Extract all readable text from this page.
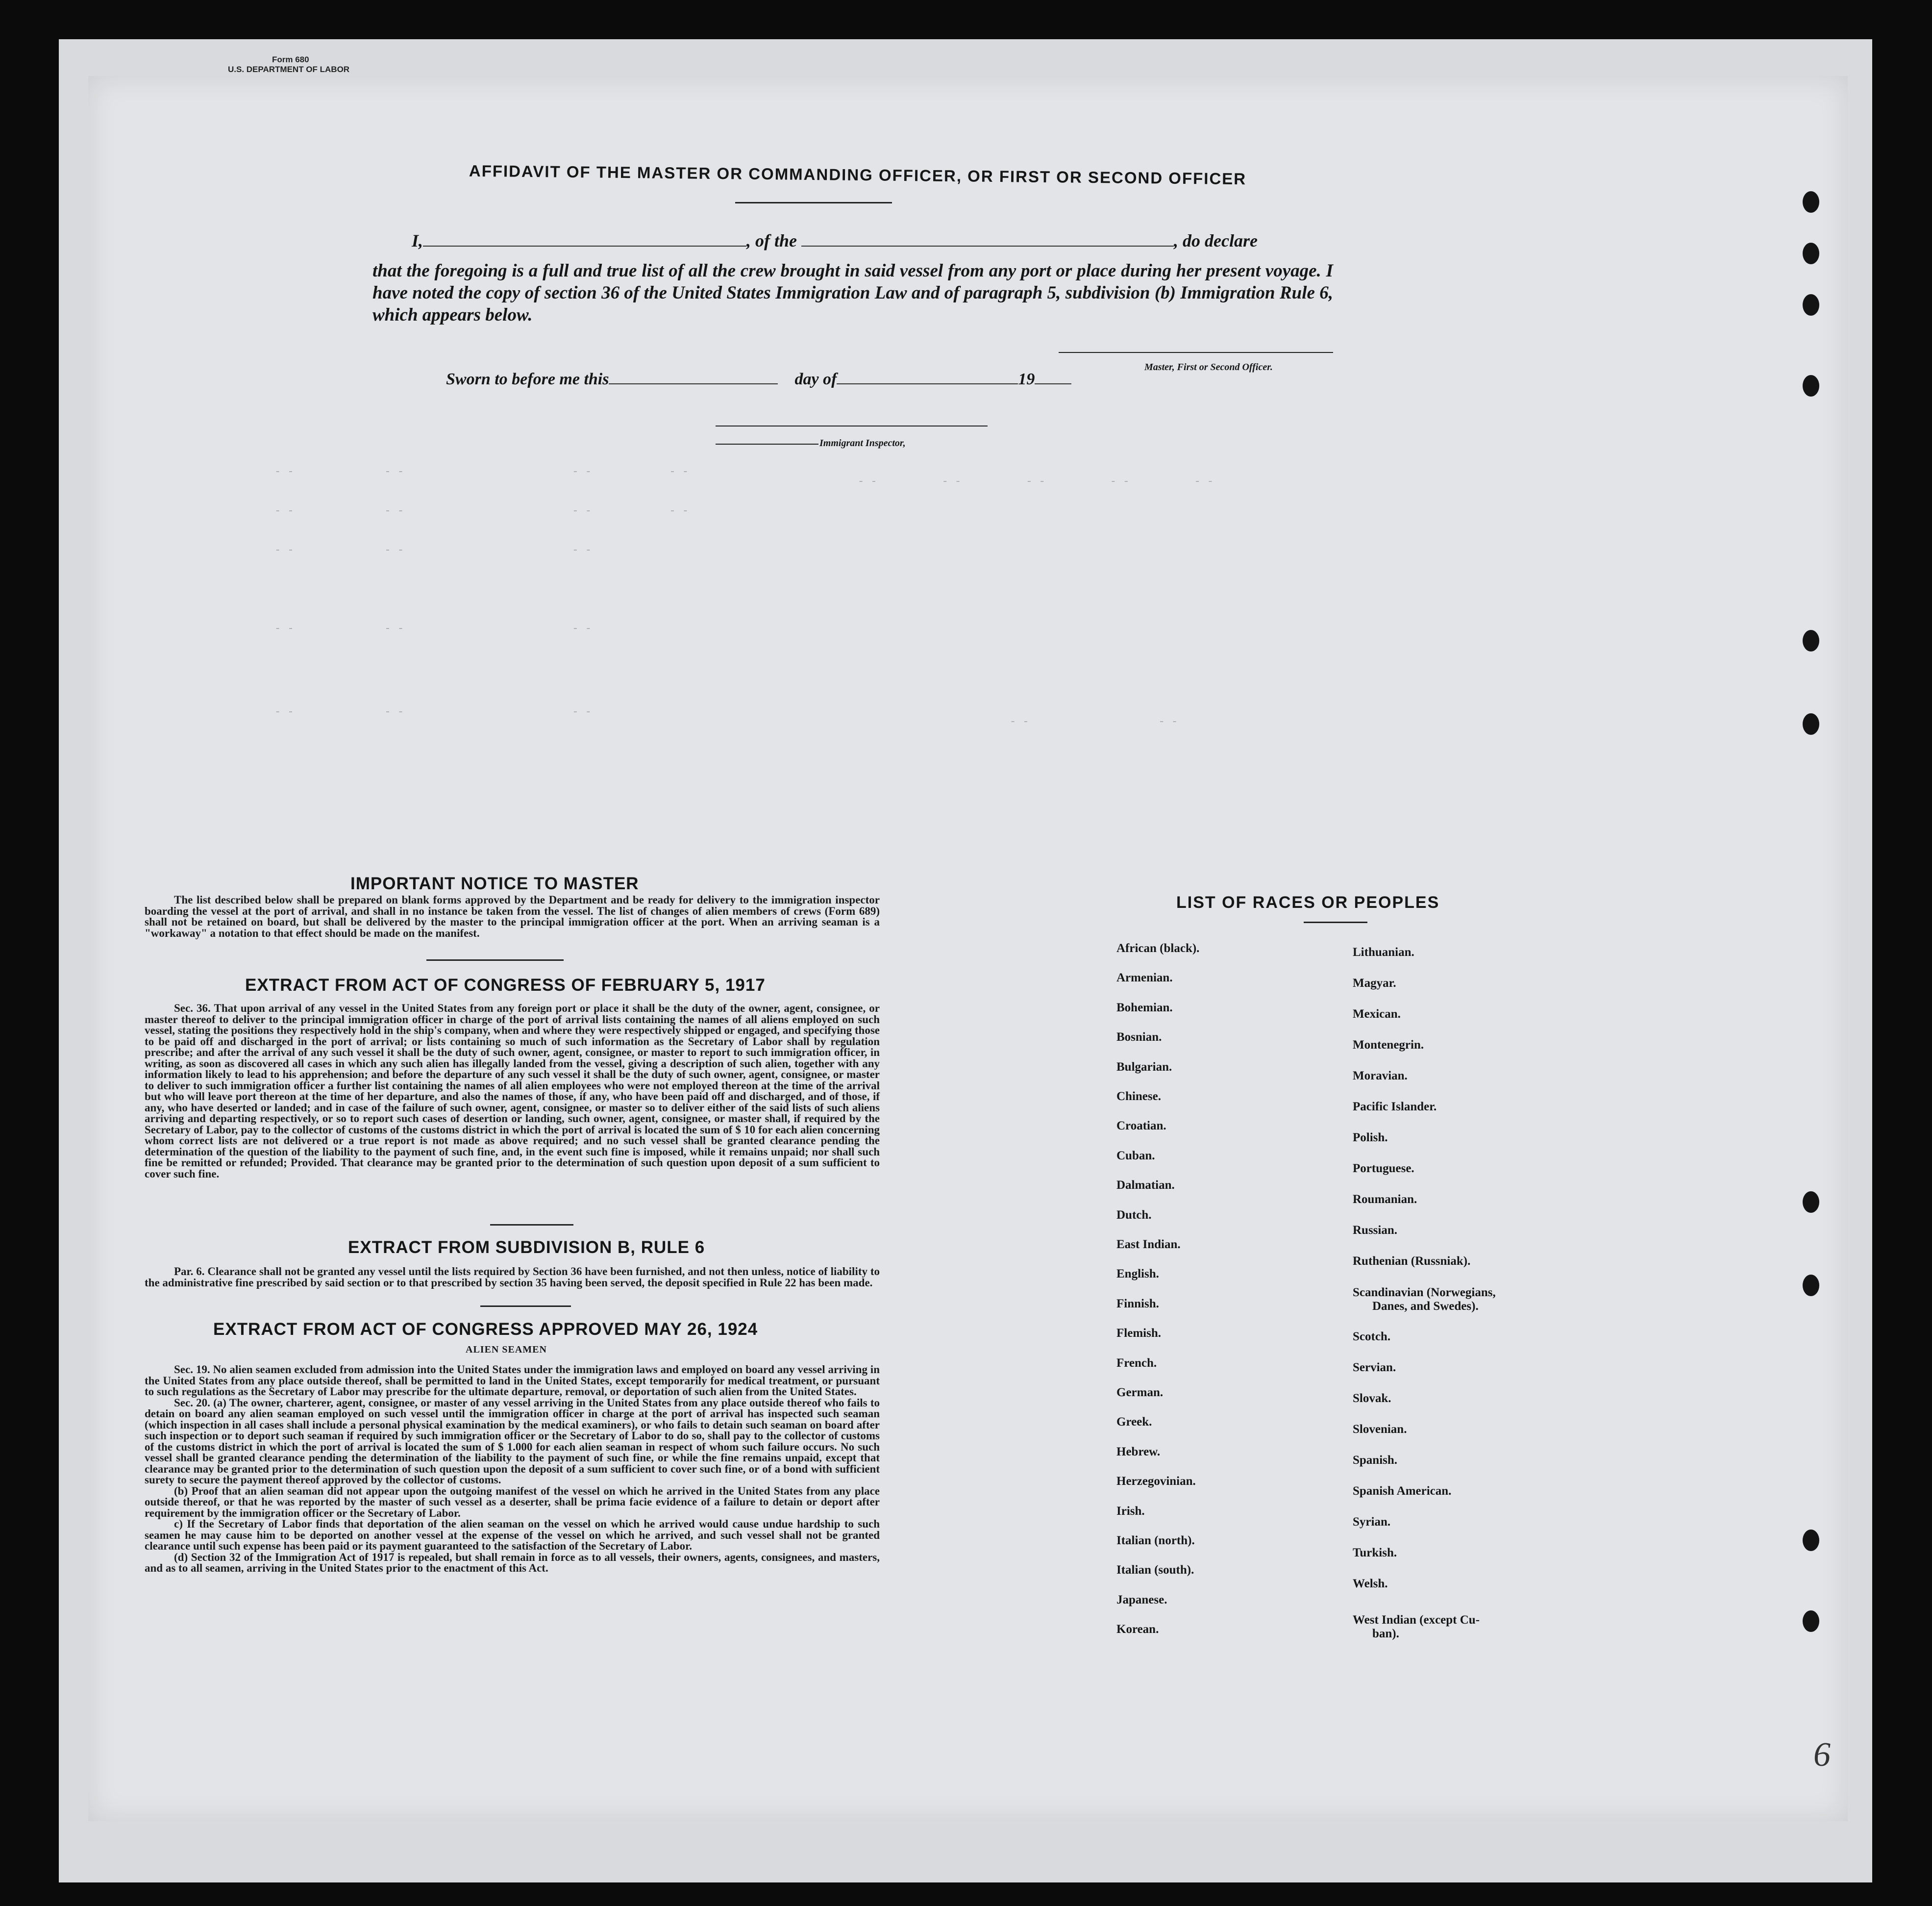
Form 680
U.S. DEPARTMENT OF LABOR
- -              - -                          - -            - -
- -              - -                          - -            - -
- -              - -                          - -
- -              - -                          - -
- -              - -                          - -
- -          - -          - -          - -          - -
- -                    - -
AFFIDAVIT OF THE MASTER OR COMMANDING OFFICER, OR FIRST OR SECOND OFFICER
I,	, of the	, do declare
that the foregoing is a full and true list of all the crew brought in said vessel from any port or place during her present voyage. I have noted the copy of section 36 of the United States Immigration Law and of paragraph 5, subdivision (b) Immigration Rule 6, which appears below.
Master, First or Second Officer.
Sworn to before me this	day of	19
Immigrant Inspector,
IMPORTANT NOTICE TO MASTER

The list described below shall be prepared on blank forms approved by the Department and be ready for delivery to the immigration inspector boarding the vessel at the port of arrival, and shall in no instance be taken from the vessel. The list of changes of alien members of crews (Form 689) shall not be retained on board, but shall be delivered by the master to the principal immigration officer at the port. When an arriving seaman is a "workaway" a notation to that effect should be made on the manifest.

EXTRACT FROM ACT OF CONGRESS OF FEBRUARY 5, 1917

Sec. 36. That upon arrival of any vessel in the United States from any foreign port or place it shall be the duty of the owner, agent, consignee, or master thereof to deliver to the principal immigration officer in charge of the port of arrival lists containing the names of all aliens employed on such vessel, stating the positions they respectively hold in the ship's company, when and where they were respectively shipped or engaged, and specifying those to be paid off and discharged in the port of arrival; or lists containing so much of such information as the Secretary of Labor shall by regulation prescribe; and after the arrival of any such vessel it shall be the duty of such owner, agent, consignee, or master to report to such immigration officer, in writing, as soon as discovered all cases in which any such alien has illegally landed from the vessel, giving a description of such alien, together with any information likely to lead to his apprehension; and before the departure of any such vessel it shall be the duty of such owner, agent, consignee, or master to deliver to such immigration officer a further list containing the names of all alien employees who were not employed thereon at the time of the arrival but who will leave port thereon at the time of her departure, and also the names of those, if any, who have been paid off and discharged, and of those, if any, who have deserted or landed; and in case of the failure of such owner, agent, consignee, or master so to deliver either of the said lists of such aliens arriving and departing respectively, or so to report such cases of desertion or landing, such owner, agent, consignee, or master shall, if required by the Secretary of Labor, pay to the collector of customs of the customs district in which the port of arrival is located the sum of $ 10 for each alien concerning whom correct lists are not delivered or a true report is not made as above required; and no such vessel shall be granted clearance pending the determination of the question of the liability to the payment of such fine, and, in the event such fine is imposed, while it remains unpaid; nor shall such fine be remitted or refunded; Provided. That clearance may be granted prior to the determination of such question upon deposit of a sum sufficient to cover such fine.

EXTRACT FROM SUBDIVISION B, RULE 6

Par. 6. Clearance shall not be granted any vessel until the lists required by Section 36 have been furnished, and not then unless, notice of liability to the administrative fine prescribed by said section or to that prescribed by section 35 having been served, the deposit specified in Rule 22 has been made.

EXTRACT FROM ACT OF CONGRESS APPROVED MAY 26, 1924
ALIEN SEAMEN

Sec. 19. No alien seamen excluded from admission into the United States under the immigration laws and employed on board any vessel arriving in the United States from any place outside thereof, shall be permitted to land in the United States, except temporarily for medical treatment, or pursuant to such regulations as the Secretary of Labor may prescribe for the ultimate departure, removal, or deportation of such alien from the United States.

Sec. 20. (a) The owner, charterer, agent, consignee, or master of any vessel arriving in the United States from any place outside thereof who fails to detain on board any alien seaman employed on such vessel until the immigration officer in charge at the port of arrival has inspected such seaman (which inspection in all cases shall include a personal physical examination by the medical examiners), or who fails to detain such seaman on board after such inspection or to deport such seaman if required by such immigration officer or the Secretary of Labor to do so, shall pay to the collector of customs of the customs district in which the port of arrival is located the sum of $ 1.000 for each alien seaman in respect of whom such failure occurs. No such vessel shall be granted clearance pending the determination of the liability to the payment of such fine, or while the fine remains unpaid, except that clearance may be granted prior to the determination of such question upon the deposit of a sum sufficient to cover such fine, or of a bond with sufficient surety to secure the payment thereof approved by the collector of customs.

(b) Proof that an alien seaman did not appear upon the outgoing manifest of the vessel on which he arrived in the United States from any place outside thereof, or that he was reported by the master of such vessel as a deserter, shall be prima facie evidence of a failure to detain or deport after requirement by the immigration officer or the Secretary of Labor.

c) If the Secretary of Labor finds that deportation of the alien seaman on the vessel on which he arrived would cause undue hardship to such seamen he may cause him to be deported on another vessel at the expense of the vessel on which he arrived, and such vessel shall not be granted clearance until such expense has been paid or its payment guaranteed to the satisfaction of the Secretary of Labor.

(d) Section 32 of the Immigration Act of 1917 is repealed, but shall remain in force as to all vessels, their owners, agents, consignees, and masters, and as to all seamen, arriving in the United States prior to the enactment of this Act.

LIST OF RACES OR PEOPLES
African (black).
Armenian.
Bohemian.
Bosnian.
Bulgarian.
Chinese.
Croatian.
Cuban.
Dalmatian.
Dutch.
East Indian.
English.
Finnish.
Flemish.
French.
German.
Greek.
Hebrew.
Herzegovinian.
Irish.
Italian (north).
Italian (south).
Japanese.
Korean.
Lithuanian.
Magyar.
Mexican.
Montenegrin.
Moravian.
Pacific Islander.
Polish.
Portuguese.
Roumanian.
Russian.
Ruthenian (Russniak).
Scandinavian (Norwegians,
Danes, and Swedes).
Scotch.
Servian.
Slovak.
Slovenian.
Spanish.
Spanish American.
Syrian.
Turkish.
Welsh.
West Indian (except Cu-
ban).
6
